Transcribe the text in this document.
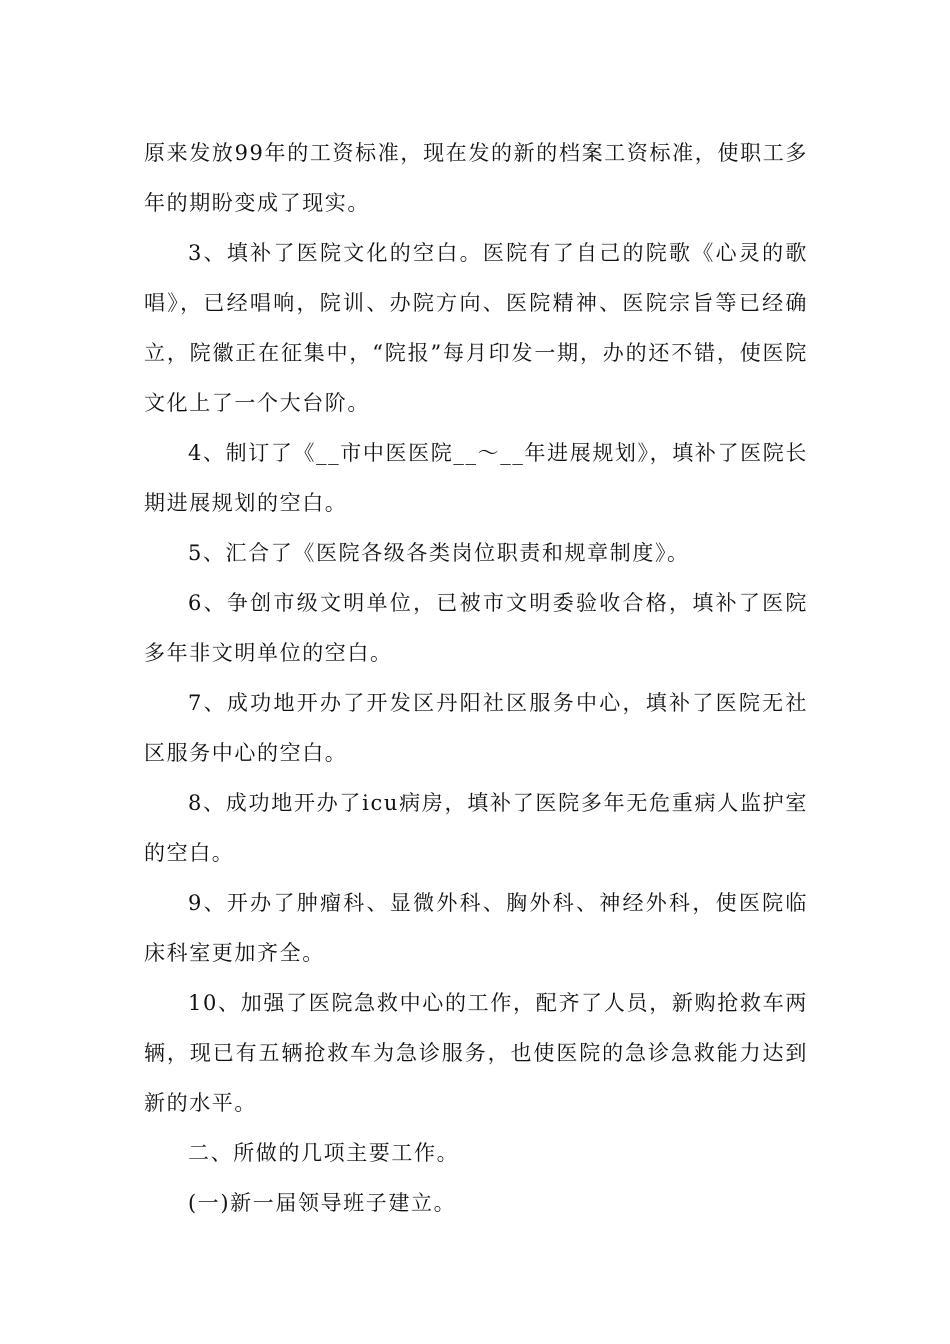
原来发放99年的工资标准，现在发的新的档案工资标准，使职工多年的期盼变成了现实。

3、填补了医院文化的空白。医院有了自己的院歌《心灵的歌唱》，已经唱响，院训、办院方向、医院精神、医院宗旨等已经确立，院徽正在征集中，“院报”每月印发一期，办的还不错，使医院文化上了一个大台阶。

4、制订了《__市中医医院__～__年进展规划》，填补了医院长期进展规划的空白。

5、汇合了《医院各级各类岗位职责和规章制度》。

6、争创市级文明单位，已被市文明委验收合格，填补了医院多年非文明单位的空白。

7、成功地开办了开发区丹阳社区服务中心，填补了医院无社区服务中心的空白。

8、成功地开办了icu病房，填补了医院多年无危重病人监护室的空白。

9、开办了肿瘤科、显微外科、胸外科、神经外科，使医院临床科室更加齐全。

10、加强了医院急救中心的工作，配齐了人员，新购抢救车两辆，现已有五辆抢救车为急诊服务，也使医院的急诊急救能力达到新的水平。

二、所做的几项主要工作。

(一)新一届领导班子建立。
